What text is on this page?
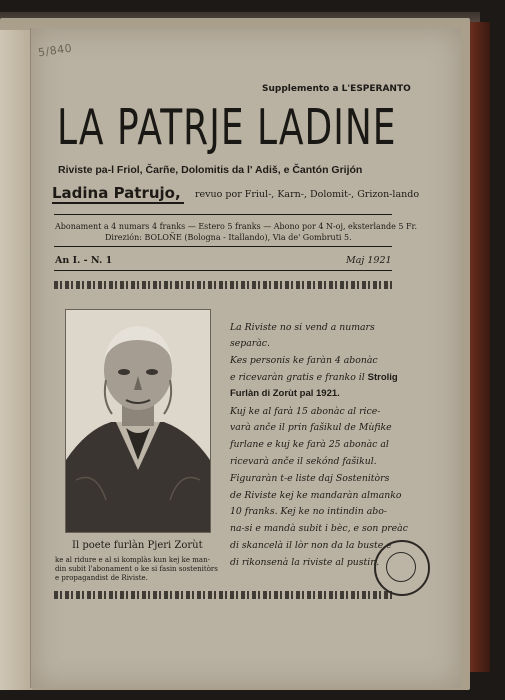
5/840
Supplemento a L'ESPERANTO
LA PATRJE LADINE
Riviste pa-l Friol, Čarñe, Dolomitis da l' Adiš, e Čantón Grijón
Ladina Patrujo, revuo por Friul-, Karn-, Dolomit-, Grizon-lando
Abonament a 4 numars 4 franks — Estero 5 franks — Abono por 4 N-oj, eksterlande 5 Fr.
Direzión: BOLOÑE (Bologna - Itallando), Via de' Gombruti 5.
An I. - N. 1	Maj 1921
Il poete furlàn Pjeri Zorùt
ke al ridure e al si komplàs kun kej ke man-
din subit l'abonament o ke si fasin sostenitòrs
e propagandist de Riviste.
La Riviste no si vend a numars
separàc.
Kes personis ke faràn 4 abonàc
e ricevaràn gratis e franko il Strolig
Furlàn di Zorùt pal 1921.
Kuj ke al farà 15 abonàc al rice-
varà anče il prin fašikul de Mùfike
furlane e kuj ke farà 25 abonàc al
ricevarà anče il sekónd fašikul.
Figuraràn t-e liste daj Sostenitòrs
de Riviste kej ke mandaràn almanko
10 franks. Kej ke no intindin abo-
na-si e mandà subit i bèc, e son preàc
di skancelà il lòr non da la buste e
di rikonsenà la riviste al pustin.
